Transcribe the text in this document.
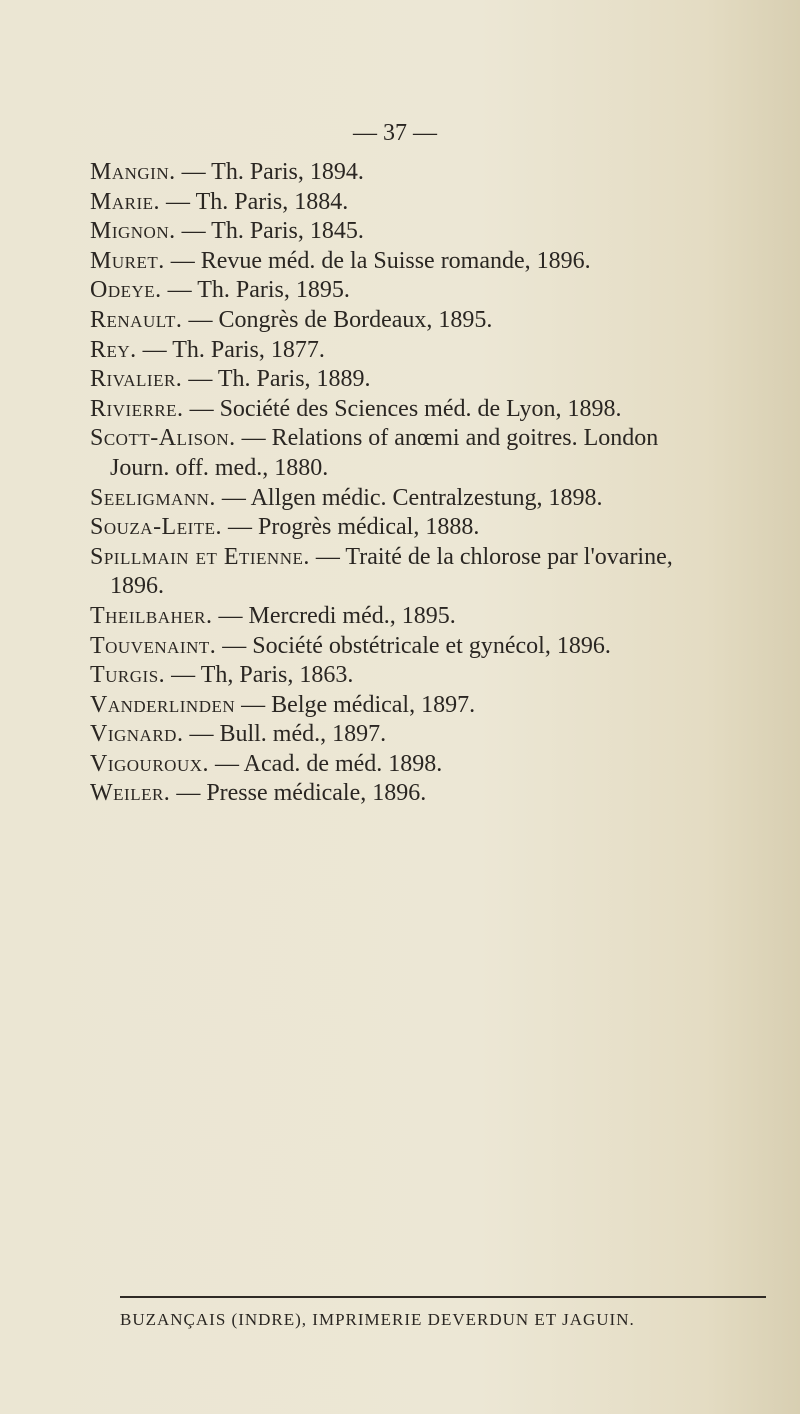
— 37 —
Mangin. — Th. Paris, 1894.
Marie. — Th. Paris, 1884.
Mignon. — Th. Paris, 1845.
Muret. — Revue méd. de la Suisse romande, 1896.
Odeye. — Th. Paris, 1895.
Renault. — Congrès de Bordeaux, 1895.
Rey. — Th. Paris, 1877.
Rivalier. — Th. Paris, 1889.
Rivierre. — Société des Sciences méd. de Lyon, 1898.
Scott-Alison. — Relations of anœmi and goitres. London
Journ. off. med., 1880.
Seeligmann. — Allgen médic. Centralzestung, 1898.
Souza-Leite. — Progrès médical, 1888.
Spillmain et Etienne. — Traité de la chlorose par l'ovarine,
1896.
Theilbaher. — Mercredi méd., 1895.
Touvenaint. — Société obstétricale et gynécol, 1896.
Turgis. — Th, Paris, 1863.
Vanderlinden — Belge médical, 1897.
Vignard. — Bull. méd., 1897.
Vigouroux. — Acad. de méd. 1898.
Weiler. — Presse médicale, 1896.
BUZANÇAIS (INDRE), IMPRIMERIE DEVERDUN ET JAGUIN.
